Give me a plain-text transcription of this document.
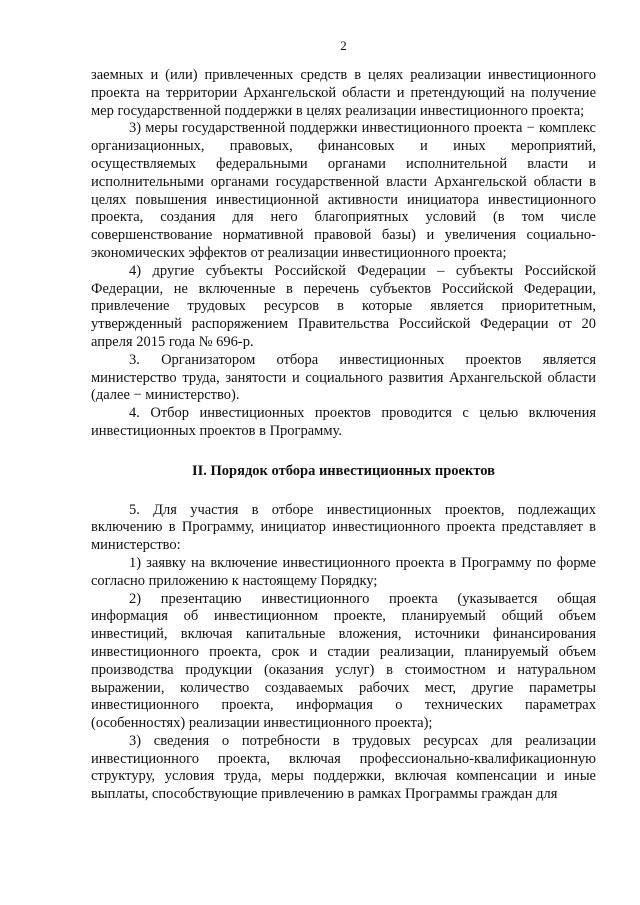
2

заемных и (или) привлеченных средств в целях реализации инвестиционного проекта на территории Архангельской области и претендующий на получение мер государственной поддержки в целях реализации инвестиционного проекта;

3) меры государственной поддержки инвестиционного проекта − комплекс организационных, правовых, финансовых и иных мероприятий, осуществляемых федеральными органами исполнительной власти и исполнительными органами государственной власти Архангельской области в целях повышения инвестиционной активности инициатора инвестиционного проекта, создания для него благоприятных условий (в том числе совершенствование нормативной правовой базы) и увеличения социально-экономических эффектов от реализации инвестиционного проекта;

4) другие субъекты Российской Федерации – субъекты Российской Федерации, не включенные в перечень субъектов Российской Федерации, привлечение трудовых ресурсов в которые является приоритетным, утвержденный распоряжением Правительства Российской Федерации от 20 апреля 2015 года № 696-р.

3. Организатором отбора инвестиционных проектов является министерство труда, занятости и социального развития Архангельской области (далее − министерство).

4. Отбор инвестиционных проектов проводится с целью включения инвестиционных проектов в Программу.

II. Порядок отбора инвестиционных проектов

5. Для участия в отборе инвестиционных проектов, подлежащих включению в Программу, инициатор инвестиционного проекта представляет в министерство:

1) заявку на включение инвестиционного проекта в Программу по форме согласно приложению к настоящему Порядку;

2) презентацию инвестиционного проекта (указывается общая информация об инвестиционном проекте, планируемый общий объем инвестиций, включая капитальные вложения, источники финансирования инвестиционного проекта, срок и стадии реализации, планируемый объем производства продукции (оказания услуг) в стоимостном и натуральном выражении, количество создаваемых рабочих мест, другие параметры инвестиционного проекта, информация о технических параметрах (особенностях) реализации инвестиционного проекта);

3) сведения о потребности в трудовых ресурсах для реализации инвестиционного проекта, включая профессионально-квалификационную структуру, условия труда, меры поддержки, включая компенсации и иные выплаты, способствующие привлечению в рамках Программы граждан для
